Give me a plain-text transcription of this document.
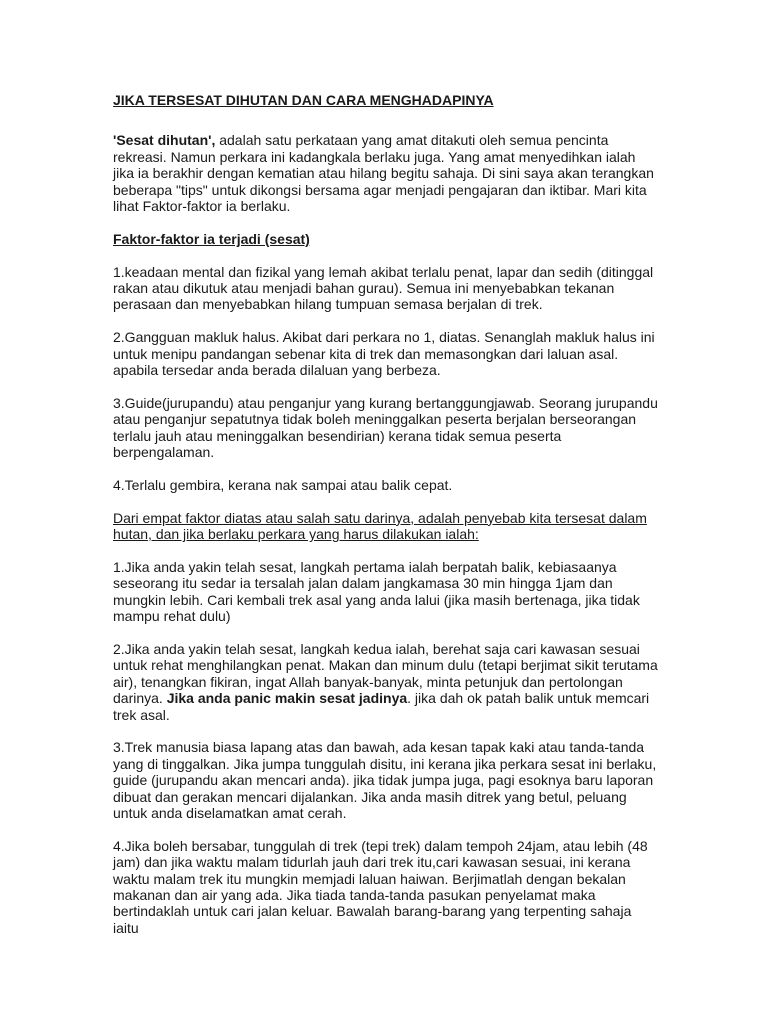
JIKA TERSESAT DIHUTAN DAN CARA MENGHADAPINYA

'Sesat dihutan', adalah satu perkataan yang amat ditakuti oleh semua pencinta rekreasi. Namun perkara ini kadangkala berlaku juga. Yang amat menyedihkan ialah jika ia berakhir dengan kematian atau hilang begitu sahaja. Di sini saya akan terangkan beberapa "tips" untuk dikongsi bersama agar menjadi pengajaran dan iktibar. Mari kita lihat Faktor-faktor ia berlaku.

Faktor-faktor ia terjadi (sesat)

1.keadaan mental dan fizikal yang lemah akibat terlalu penat, lapar dan sedih (ditinggal rakan atau dikutuk atau menjadi bahan gurau). Semua ini menyebabkan tekanan perasaan dan menyebabkan hilang tumpuan semasa berjalan di trek.

2.Gangguan makluk halus. Akibat dari perkara no 1, diatas. Senanglah makluk halus ini untuk menipu pandangan sebenar kita di trek dan memasongkan dari laluan asal. apabila tersedar anda berada dilaluan yang berbeza.

3.Guide(jurupandu) atau penganjur yang kurang bertanggungjawab. Seorang jurupandu atau penganjur sepatutnya tidak boleh meninggalkan peserta berjalan berseorangan terlalu jauh atau meninggalkan besendirian) kerana tidak semua peserta berpengalaman.

4.Terlalu gembira, kerana nak sampai atau balik cepat.

Dari empat faktor diatas atau salah satu darinya, adalah penyebab kita tersesat dalam hutan, dan jika berlaku perkara yang harus dilakukan ialah:

1.Jika anda yakin telah sesat, langkah pertama ialah berpatah balik, kebiasaanya seseorang itu sedar ia tersalah jalan dalam jangkamasa 30 min hingga 1jam dan mungkin lebih. Cari kembali trek asal yang anda lalui (jika masih bertenaga, jika tidak mampu rehat dulu)

2.Jika anda yakin telah sesat, langkah kedua ialah, berehat saja cari kawasan sesuai untuk rehat menghilangkan penat. Makan dan minum dulu (tetapi berjimat sikit terutama air), tenangkan fikiran, ingat Allah banyak-banyak, minta petunjuk dan pertolongan darinya. Jika anda panic makin sesat jadinya. jika dah ok patah balik untuk memcari trek asal.

3.Trek manusia biasa lapang atas dan bawah, ada kesan tapak kaki atau tanda-tanda yang di tinggalkan. Jika jumpa tunggulah disitu, ini kerana jika perkara sesat ini berlaku, guide (jurupandu akan mencari anda). jika tidak jumpa juga, pagi esoknya baru laporan dibuat dan gerakan mencari dijalankan. Jika anda masih ditrek yang betul, peluang untuk anda diselamatkan amat cerah.

4.Jika boleh bersabar, tunggulah di trek (tepi trek) dalam tempoh 24jam, atau lebih (48 jam) dan jika waktu malam tidurlah jauh dari trek itu,cari kawasan sesuai, ini kerana waktu malam trek itu mungkin memjadi laluan haiwan. Berjimatlah dengan bekalan makanan dan air yang ada. Jika tiada tanda-tanda pasukan penyelamat maka bertindaklah untuk cari jalan keluar. Bawalah barang-barang yang terpenting sahaja iaitu
